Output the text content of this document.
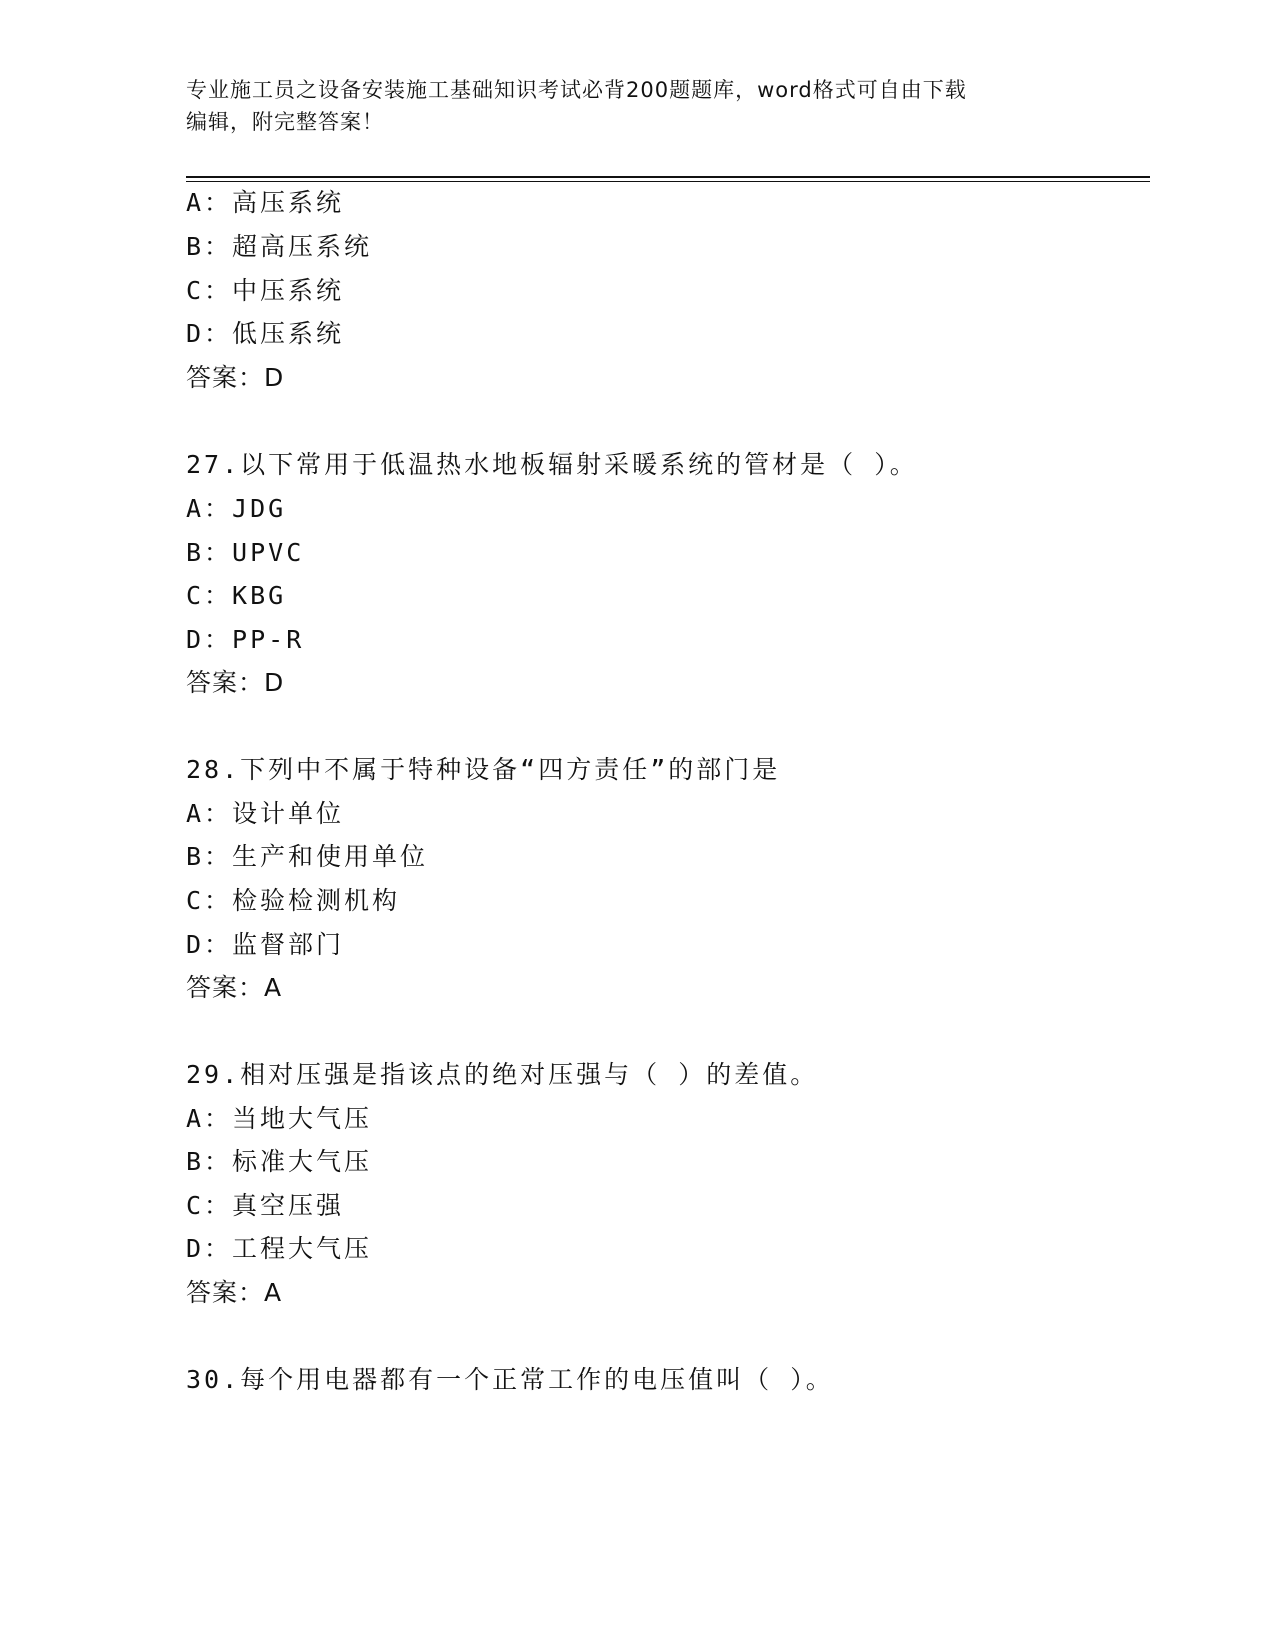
专业施工员之设备安装施工基础知识考试必背200题题库，word格式可自由下载
编辑，附完整答案！
A：高压系统
B：超高压系统
C：中压系统
D：低压系统
答案：D
27.以下常用于低温热水地板辐射采暖系统的管材是（ ）。
A：JDG
B：UPVC
C：KBG
D：PP-R
答案：D
28.下列中不属于特种设备“四方责任”的部门是
A：设计单位
B：生产和使用单位
C：检验检测机构
D：监督部门
答案：A
29.相对压强是指该点的绝对压强与（ ）的差值。
A：当地大气压
B：标准大气压
C：真空压强
D：工程大气压
答案：A
30.每个用电器都有一个正常工作的电压值叫（ ）。
